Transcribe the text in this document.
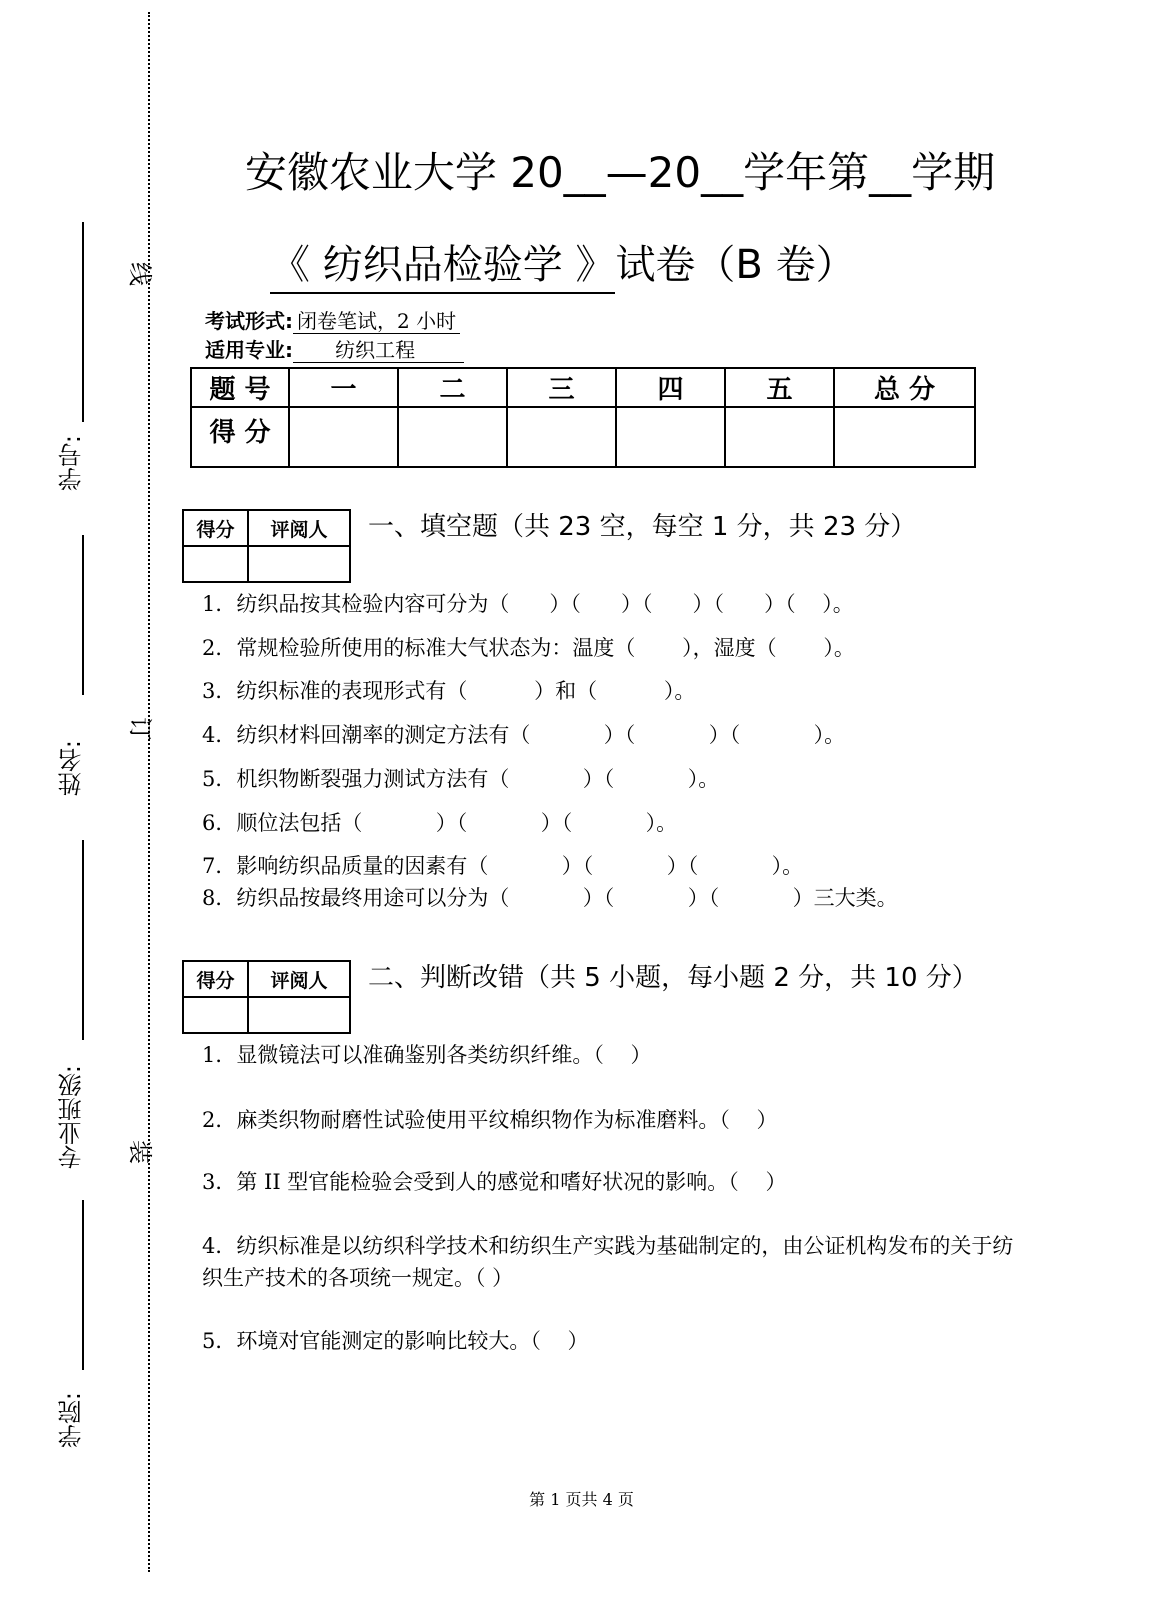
学号:
姓名:
专业班级:
学院:
线
订
装
安徽农业大学 20__—20__学年第__学期
《 纺织品检验学 》试卷（B 卷）
考试形式: 闭卷笔试，2 小时
适用专业:      纺织工程
题 号	一	二	三	四	五	总 分
得 分						
得分	评阅人
	一、填空题（共 23 空，每空 1 分，共 23 分）
1．纺织品按其检验内容可分为（      ）（      ）（      ）（      ）（    ）。
2．常规检验所使用的标准大气状态为：温度（       ），湿度（       ）。
3．纺织标准的表现形式有（          ）和（          ）。
4．纺织材料回潮率的测定方法有（           ）（           ）（           ）。
5．机织物断裂强力测试方法有（           ）（           ）。
6．顺位法包括（           ）（           ）（           ）。
7．影响纺织品质量的因素有（           ）（           ）（           ）。
8．纺织品按最终用途可以分为（           ）（           ）（           ）三大类。
得分	评阅人
	二、判断改错（共 5 小题，每小题 2 分，共 10 分）
1．显微镜法可以准确鉴别各类纺织纤维。（    ）
2．麻类织物耐磨性试验使用平纹棉织物作为标准磨料。（    ）
3．第 II 型官能检验会受到人的感觉和嗜好状况的影响。（    ）
4．纺织标准是以纺织科学技术和纺织生产实践为基础制定的，由公证机构发布的关于纺织生产技术的各项统一规定。（ ）
5．环境对官能测定的影响比较大。（    ）
第 1 页共 4 页
